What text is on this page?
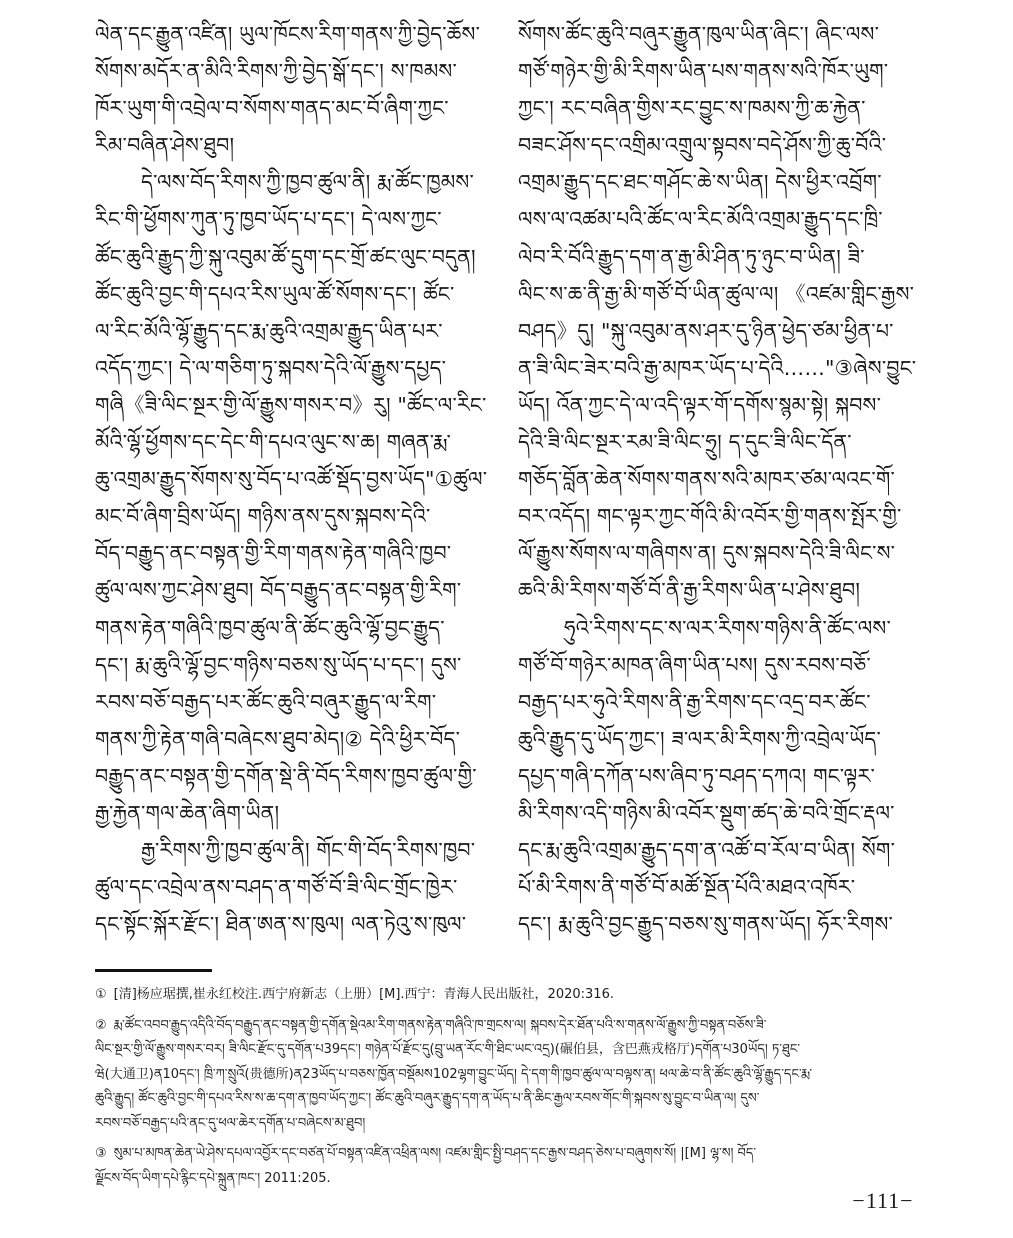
ལེན་དང་རྒྱུན་འཛིན། ཡུལ་ཁོངས་རིག་གནས་ཀྱི་བྱེད་ཆོས་
སོགས་མདོར་ན་མིའི་རིགས་ཀྱི་བྱེད་སྒོ་དང་། ས་ཁམས་
ཁོར་ཡུག་གི་འབྲེལ་བ་སོགས་གནད་མང་བོ་ཞིག་ཀྱང་
རིམ་བཞིན་ཤེས་ཐུབ།
དེ་ལས་བོད་རིགས་ཀྱི་ཁྱབ་ཚུལ་ནི། རྨ་ཚོང་ཁྱམས་
རིང་གི་ཕྱོགས་ཀུན་ཏུ་ཁྱབ་ཡོད་པ་དང་། དེ་ལས་ཀྱང་
ཚོང་ཆུའི་རྒྱུད་ཀྱི་སྐུ་འབུམ་ཚོ་དྲུག་དང་གྲོ་ཚང་ལུང་བདུན།
ཚོང་ཆུའི་བྱང་གི་དཔའ་རིས་ཡུལ་ཚོ་སོགས་དང་། ཚོང་
ལ་རིང་མོའི་ལྷོ་རྒྱུད་དང་རྨ་ཆུའི་འགྲམ་རྒྱུད་ཡིན་པར་
འདོད་ཀྱང་། དེ་ལ་གཅིག་ཏུ་སྐབས་དེའི་ལོ་རྒྱུས་དཔྱད་
གཞི《ཟི་ལིང་སྔར་གྱི་ལོ་རྒྱུས་གསར་བ》རུ། "ཚོང་ལ་རིང་
མོའི་ལྷོ་ཕྱོགས་དང་དེང་གི་དཔའ་ལུང་ས་ཆ། གཞན་རྨ་
ཆུ་འགྲམ་རྒྱུད་སོགས་སུ་བོད་པ་འཚོ་སྡོད་བྱས་ཡོད"①ཚུལ་
མང་བོ་ཞིག་བྲིས་ཡོད། གཉིས་ནས་དུས་སྐབས་དེའི་
བོད་བརྒྱུད་ནང་བསྟན་གྱི་རིག་གནས་རྟེན་གཞིའི་ཁྱབ་
ཚུལ་ལས་ཀྱང་ཤེས་ཐུབ། བོད་བརྒྱུད་ནང་བསྟན་གྱི་རིག་
གནས་རྟེན་གཞིའི་ཁྱབ་ཚུལ་ནི་ཚོང་ཆུའི་ལྷོ་བྱང་རྒྱུད་
དང་། རྨ་ཆུའི་ལྷོ་བྱང་གཉིས་བཅས་སུ་ཡོད་པ་དང་། དུས་
རབས་བཅོ་བརྒྱད་པར་ཚོང་ཆུའི་བཞུར་རྒྱུད་ལ་རིག་
གནས་ཀྱི་རྟེན་གཞི་བཞེངས་ཐུབ་མེད།② དེའི་ཕྱིར་བོད་
བརྒྱུད་ནང་བསྟན་གྱི་དགོན་སྡེ་ནི་བོད་རིགས་ཁྱབ་ཚུལ་གྱི་
རྒྱ་རྐྱེན་གལ་ཆེན་ཞིག་ཡིན།
རྒྱ་རིགས་ཀྱི་ཁྱབ་ཚུལ་ནི། གོང་གི་བོད་རིགས་ཁྱབ་
ཚུལ་དང་འབྲེལ་ནས་བཤད་ན་གཙོ་བོ་ཟི་ལིང་གྲོང་ཁྱེར་
དང་སྟོང་སྐོར་རྫོང་། ཐིན་ཨན་ས་ཁུལ། ལན་ཏེའུ་ས་ཁུལ་
སོགས་ཚོང་ཆུའི་བཞུར་རྒྱུན་ཁུལ་ཡིན་ཞིང་། ཞིང་ལས་
གཙོ་གཉེར་གྱི་མི་རིགས་ཡིན་པས་གནས་སའི་ཁོར་ཡུག་
ཀྱང་། རང་བཞིན་གྱིས་རང་བྱུང་ས་ཁམས་ཀྱི་ཆ་རྐྱེན་
བཟང་ཤོས་དང་འགྲིམ་འགྲུལ་སྟབས་བདེ་ཤོས་ཀྱི་ཆུ་བོའི་
འགྲམ་རྒྱུད་དང་ཐང་གཤོང་ཆེ་ས་ཡིན། དེས་ཕྱིར་འབྲོག་
ལས་ལ་འཚམ་པའི་ཚོང་ལ་རིང་མོའི་འགྲམ་རྒྱུད་དང་ཁྲི་
ལེབ་རི་བོའི་རྒྱུད་དག་ན་རྒྱ་མི་ཤིན་ཏུ་ཉུང་བ་ཡིན། ཟི་
ལིང་ས་ཆ་ནི་རྒྱ་མི་གཙོ་བོ་ཡིན་ཚུལ་ལ། 《འཛམ་གླིང་རྒྱས་
བཤད》དུ། "སྐུ་འབུམ་ནས་ཤར་དུ་ཉིན་ཕྱེད་ཙམ་ཕྱིན་པ་
ན་ཟི་ལིང་ཟེར་བའི་རྒྱ་མཁར་ཡོད་པ་དེའི……"③ཞེས་བྱུང་
ཡོད། འོན་ཀྱང་དེ་ལ་འདི་ལྟར་གོ་དགོས་སྙམ་སྟེ། སྐབས་
དེའི་ཟི་ལིང་སྔར་རམ་ཟི་ལིང་ཧྲུ། ད་དུང་ཟི་ལིང་དོན་
གཅོད་བློན་ཆེན་སོགས་གནས་སའི་མཁར་ཙམ་ལའང་གོ་
བར་འདོད། གང་ལྟར་ཀྱང་གོའི་མི་འབོར་གྱི་གནས་སྤོར་གྱི་
ལོ་རྒྱུས་སོགས་ལ་གཞིགས་ན། དུས་སྐབས་དེའི་ཟི་ལིང་ས་
ཆའི་མི་རིགས་གཙོ་བོ་ནི་རྒྱ་རིགས་ཡིན་པ་ཤེས་ཐུབ།
ཧུའེ་རིགས་དང་ས་ལར་རིགས་གཉིས་ནི་ཚོང་ལས་
གཙོ་བོ་གཉེར་མཁན་ཞིག་ཡིན་པས། དུས་རབས་བཅོ་
བརྒྱད་པར་ཧུའེ་རིགས་ནི་རྒྱ་རིགས་དང་འདྲ་བར་ཚོང་
ཆུའི་རྒྱུད་དུ་ཡོད་ཀྱང་། ཟ་ལར་མི་རིགས་ཀྱི་འབྲེལ་ཡོད་
དཔྱད་གཞི་དཀོན་པས་ཞིབ་ཏུ་བཤད་དཀའ། གང་ལྟར་
མི་རིགས་འདི་གཉིས་མི་འབོར་སྡུག་ཚད་ཆེ་བའི་གྲོང་རྡལ་
དང་རྨ་ཆུའི་འགྲམ་རྒྱུད་དག་ན་འཚོ་བ་རོལ་བ་ཡིན། སོག་
པོ་མི་རིགས་ནི་གཙོ་བོ་མཚོ་སྔོན་པོའི་མཐའ་འཁོར་
དང་། རྨ་ཆུའི་བྱང་རྒྱུད་བཅས་སུ་གནས་ཡོད། ཧོར་རིགས་
① [清]杨应琚撰,崔永红校注.西宁府新志（上册）[M].西宁：青海人民出版社，2020:316.
② རྨ་ཚོང་འབབ་རྒྱུད་འདིའི་བོད་བརྒྱུད་ནང་བསྟན་གྱི་དགོན་སྡེའམ་རིག་གནས་རྟེན་གཞིའི་ཁ་གྲངས་ལ། སྐབས་དེར་ཐོན་པའི་ས་གནས་ལོ་རྒྱུས་ཀྱི་བསྟན་བཅོས་ཟི་
ལིང་སྔར་གྱི་ལོ་རྒྱུས་གསར་བར། ཟི་ལིང་རྫོང་དུ་དགོན་པ39དང་། གཉེན་པོ་རྫོང་དུ(བྲུ་ཡན་རོང་གི་ཐིང་ཡང་འདྲ)(碾伯县，含巴燕戎格厅)དགོན་པ30ཡོད། ཏ་ཐུང་
ཝེ(大通卫)ན10དང་། ཁྲི་ཀ་སྲུའོ(贵德所)ན23ཡོད་པ་བཅས་ཁྱོན་བསྡོམས102ལྷག་བྱུང་ཡོད། དེ་དག་གི་ཁྱབ་ཚུལ་ལ་བལྟས་ན། ཕལ་ཆེ་བ་ནི་ཚོང་ཆུའི་ལྷོ་རྒྱུད་དང་རྨ་
ཆུའི་རྒྱུད། ཚོང་ཆུའི་བྱང་གི་དཔའ་རིས་ས་ཆ་དག་ན་ཁྱབ་ཡོད་ཀྱང་། ཚོང་ཆུའི་བཞུར་རྒྱུད་དག་ན་ཡོད་པ་ནི་ཆིང་རྒྱལ་རབས་གོང་གི་སྐབས་སུ་བྱུང་བ་ཡིན་ལ། དུས་
རབས་བཅོ་བརྒྱད་པའི་ནང་དུ་ཕལ་ཆེར་དགོན་པ་བཞེངས་མ་ཐུབ།
③ སུམ་པ་མཁན་ཆེན་ཡེ་ཤེས་དཔལ་འབྱོར་དང་བཙན་པོ་བསྟན་འཛིན་འཕྲིན་ལས། འཛམ་གླིང་སྤྱི་བཤད་དང་རྒྱས་བཤད་ཅེས་པ་བཞུགས་སོ། |[M] ལྷ་ས། བོད་
ལྗོངས་བོད་ཡིག་དཔེ་རྙིང་དཔེ་སྐྲུན་ཁང་། 2011:205.
−111−
